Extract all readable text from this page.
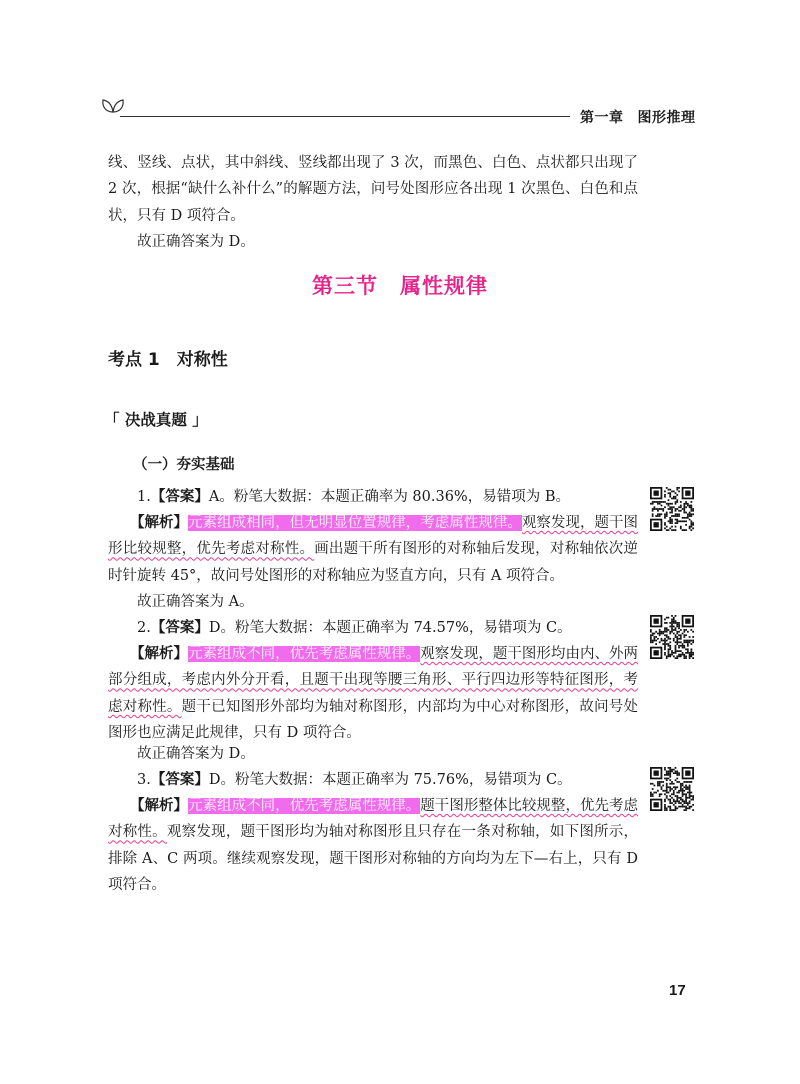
第一章 图形推理
线、竖线、点状，其中斜线、竖线都出现了 3 次，而黑色、白色、点状都只出现了 2 次，根据“缺什么补什么”的解题方法，问号处图形应各出现 1 次黑色、白色和点状，只有 D 项符合。
故正确答案为 D。
第三节　属性规律
考点 1　对称性
「 决战真题 」
（一）夯实基础
1.【答案】A。粉笔大数据：本题正确率为 80.36%，易错项为 B。
【解析】元素组成相同，但无明显位置规律，考虑属性规律。观察发现，题干图形比较规整，优先考虑对称性。画出题干所有图形的对称轴后发现，对称轴依次逆时针旋转 45°，故问号处图形的对称轴应为竖直方向，只有 A 项符合。
故正确答案为 A。
2.【答案】D。粉笔大数据：本题正确率为 74.57%，易错项为 C。
【解析】元素组成不同，优先考虑属性规律。观察发现，题干图形均由内、外两部分组成，考虑内外分开看，且题干出现等腰三角形、平行四边形等特征图形，考虑对称性。题干已知图形外部均为轴对称图形，内部均为中心对称图形，故问号处图形也应满足此规律，只有 D 项符合。
故正确答案为 D。
3.【答案】D。粉笔大数据：本题正确率为 75.76%，易错项为 C。
【解析】元素组成不同，优先考虑属性规律。题干图形整体比较规整，优先考虑对称性。观察发现，题干图形均为轴对称图形且只存在一条对称轴，如下图所示，排除 A、C 两项。继续观察发现，题干图形对称轴的方向均为左下—右上，只有 D 项符合。
17
